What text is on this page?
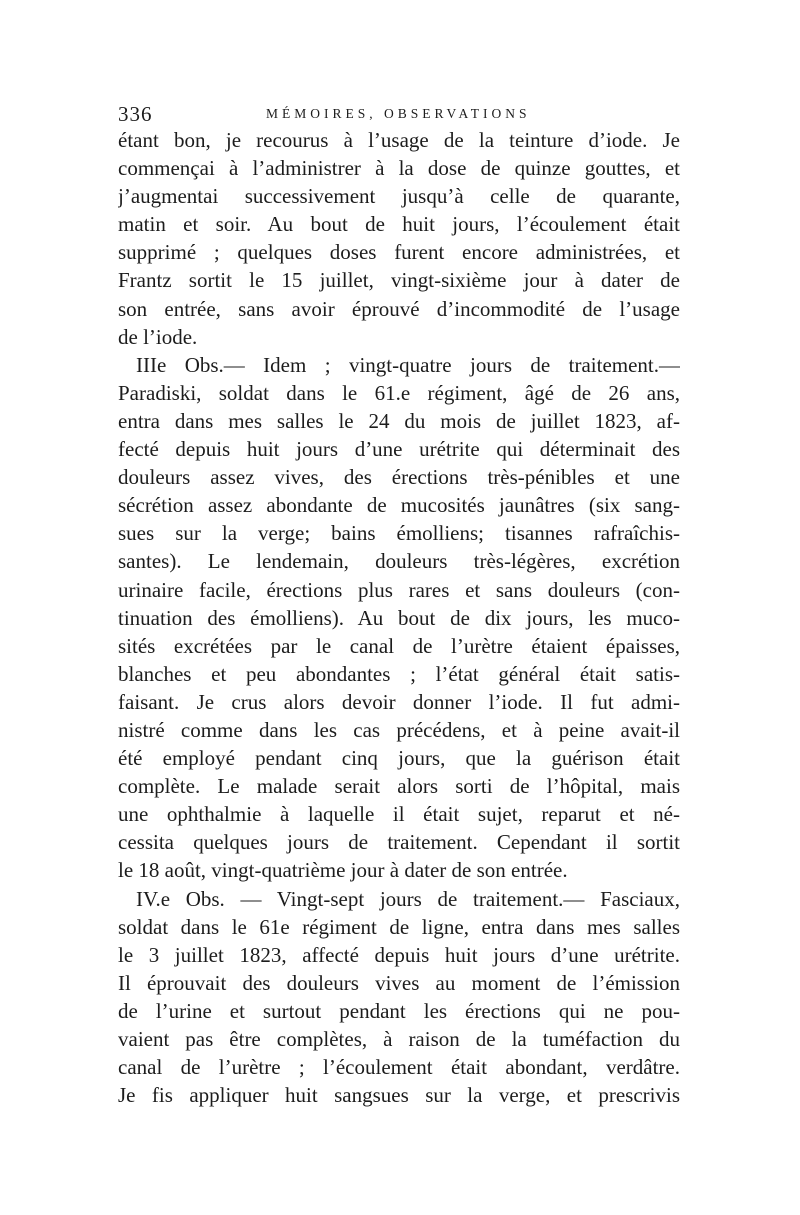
336	MÉMOIRES, OBSERVATIONS
étant bon, je recourus à l’usage de la teinture d’iode. Je
commençai à l’administrer à la dose de quinze gouttes, et
j’augmentai successivement jusqu’à celle de quarante,
matin et soir. Au bout de huit jours, l’écoulement était
supprimé ; quelques doses furent encore administrées, et
Frantz sortit le 15 juillet, vingt-sixième jour à dater de
son entrée, sans avoir éprouvé d’incommodité de l’usage
de l’iode.
IIIe Obs.— Idem ; vingt-quatre jours de traitement.—
Paradiski, soldat dans le 61.e régiment, âgé de 26 ans,
entra dans mes salles le 24 du mois de juillet 1823, af-
fecté depuis huit jours d’une urétrite qui déterminait des
douleurs assez vives, des érections très-pénibles et une
sécrétion assez abondante de mucosités jaunâtres (six sang-
sues sur la verge; bains émolliens; tisannes rafraîchis-
santes). Le lendemain, douleurs très-légères, excrétion
urinaire facile, érections plus rares et sans douleurs (con-
tinuation des émolliens). Au bout de dix jours, les muco-
sités excrétées par le canal de l’urètre étaient épaisses,
blanches et peu abondantes ; l’état général était satis-
faisant. Je crus alors devoir donner l’iode. Il fut admi-
nistré comme dans les cas précédens, et à peine avait-il
été employé pendant cinq jours, que la guérison était
complète. Le malade serait alors sorti de l’hôpital, mais
une ophthalmie à laquelle il était sujet, reparut et né-
cessita quelques jours de traitement. Cependant il sortit
le 18 août, vingt-quatrième jour à dater de son entrée.
IV.e Obs. — Vingt-sept jours de traitement.— Fasciaux,
soldat dans le 61e régiment de ligne, entra dans mes salles
le 3 juillet 1823, affecté depuis huit jours d’une urétrite.
Il éprouvait des douleurs vives au moment de l’émission
de l’urine et surtout pendant les érections qui ne pou-
vaient pas être complètes, à raison de la tuméfaction du
canal de l’urètre ; l’écoulement était abondant, verdâtre.
Je fis appliquer huit sangsues sur la verge, et prescrivis
